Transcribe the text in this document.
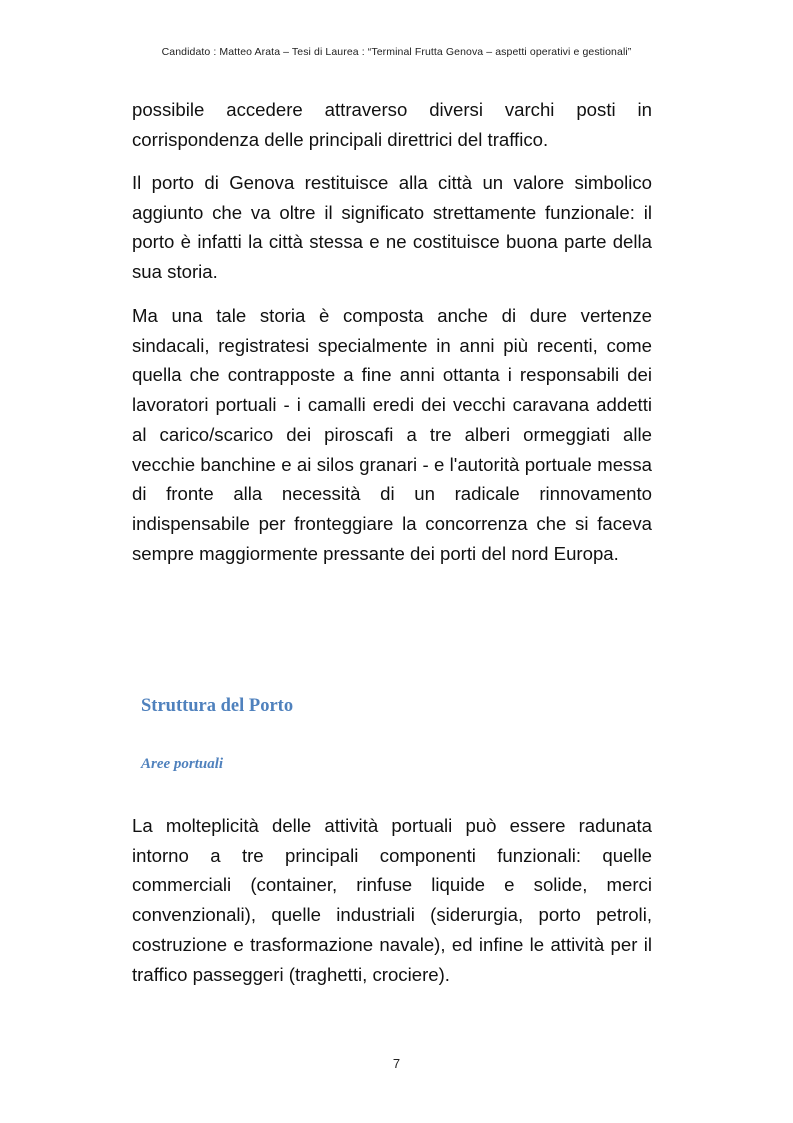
Candidato : Matteo Arata – Tesi di Laurea : “Terminal Frutta Genova – aspetti operativi e gestionali”

possibile accedere attraverso diversi varchi posti in corrispondenza delle principali direttrici del traffico.

Il porto di Genova restituisce alla città un valore simbolico aggiunto che va oltre il significato strettamente funzionale: il porto è infatti la città stessa e ne costituisce buona parte della sua storia.

Ma una tale storia è composta anche di dure vertenze sindacali, registratesi specialmente in anni più recenti, come quella che contrapposte a fine anni ottanta i responsabili dei lavoratori portuali - i camalli eredi dei vecchi caravana addetti al carico/scarico dei piroscafi a tre alberi ormeggiati alle vecchie banchine e ai silos granari - e l'autorità portuale messa di fronte alla necessità di un radicale rinnovamento indispensabile per fronteggiare la concorrenza che si faceva sempre maggiormente pressante dei porti del nord Europa.

Struttura del Porto
Aree portuali

La molteplicità delle attività portuali può essere radunata intorno a tre principali componenti funzionali: quelle commerciali (container, rinfuse liquide e solide, merci convenzionali), quelle industriali (siderurgia, porto petroli, costruzione e trasformazione navale), ed infine le attività per il traffico passeggeri (traghetti, crociere).

7
